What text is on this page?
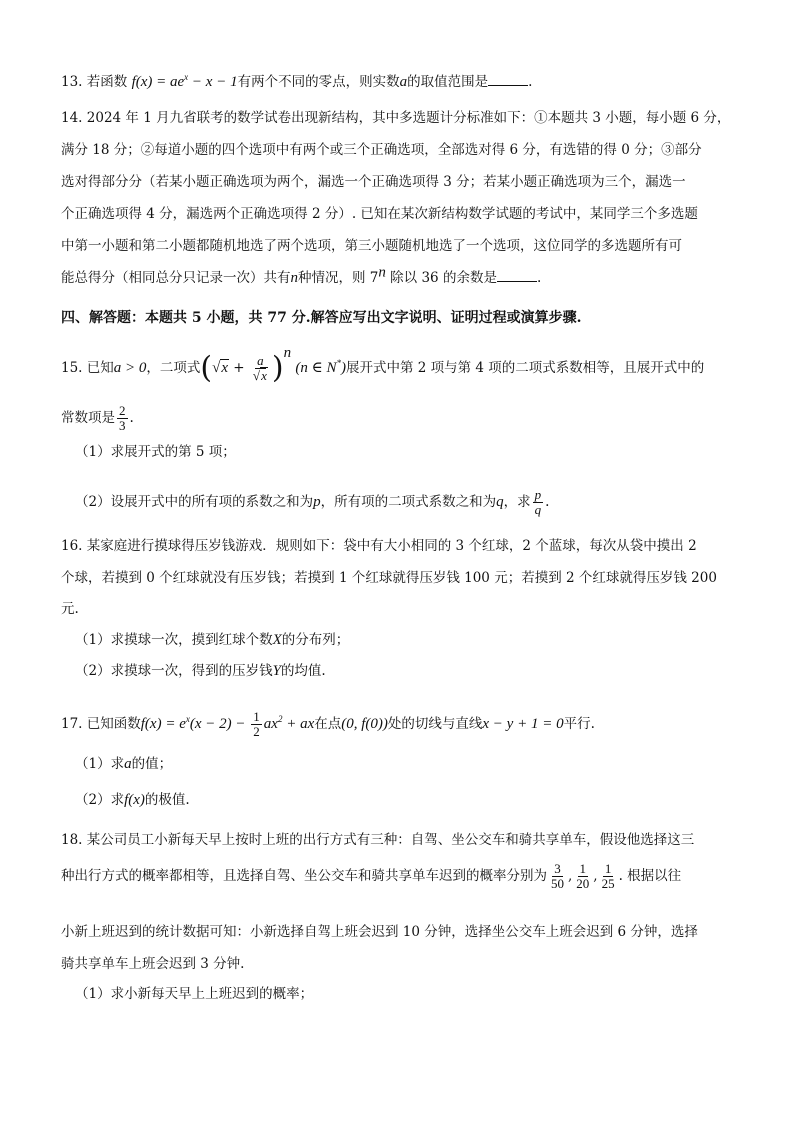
13. 若函数 $f(x) = ae^x - x - 1$有两个不同的零点，则实数a的取值范围是	.
14. 2024 年 1 月九省联考的数学试卷出现新结构，其中多选题计分标准如下：①本题共 3 小题，每小题 6 分，
满分 18 分；②每道小题的四个选项中有两个或三个正确选项，全部选对得 6 分，有选错的得 0 分；③部分
选对得部分分（若某小题正确选项为两个，漏选一个正确选项得 3 分；若某小题正确选项为三个，漏选一
个正确选项得 4 分，漏选两个正确选项得 2 分）. 已知在某次新结构数学试题的考试中，某同学三个多选题
中第一小题和第二小题都随机地选了两个选项，第三小题随机地选了一个选项，这位同学的多选题所有可
能总得分（相同总分只记录一次）共有n种情况，则 7$^n$ 除以 36 的余数是	.
四、解答题：本题共 5 小题，共 77 分.解答应写出文字说明、证明过程或演算步骤.
15. 已知a > 0，二项式$(√x + \frac{a}{√x} )^n$ (n ∈ N*)展开式中第 2 项与第 4 项的二项式系数相等，且展开式中的
常数项是 $\frac{2}{3}$ .
（1）求展开式的第 5 项；
（2）设展开式中的所有项的系数之和为p，所有项的二项式系数之和为q，求 $\frac{p}{q}$ .
16. 某家庭进行摸球得压岁钱游戏．规则如下：袋中有大小相同的 3 个红球，2 个蓝球，每次从袋中摸出 2
个球，若摸到 0 个红球就没有压岁钱；若摸到 1 个红球就得压岁钱 100 元；若摸到 2 个红球就得压岁钱 200
元.
（1）求摸球一次，摸到红球个数X的分布列；
（2）求摸球一次，得到的压岁钱Y的均值.
17. 已知函数$f(x) = e^x(x - 2) - \frac{1}{2} ax^2$ + ax在点(0, f(0))处的切线与直线x − y + 1 = 0平行.
（1）求a的值；
（2）求f(x)的极值.
18. 某公司员工小新每天早上按时上班的出行方式有三种：自驾、坐公交车和骑共享单车，假设他选择这三
种出行方式的概率都相等，且选择自驾、坐公交车和骑共享单车迟到的概率分别为 $\frac{3}{50}$ , $\frac{1}{20}$ , $\frac{1}{25}$ . 根据以往
小新上班迟到的统计数据可知：小新选择自驾上班会迟到 10 分钟，选择坐公交车上班会迟到 6 分钟，选择
骑共享单车上班会迟到 3 分钟.
（1）求小新每天早上上班迟到的概率；
